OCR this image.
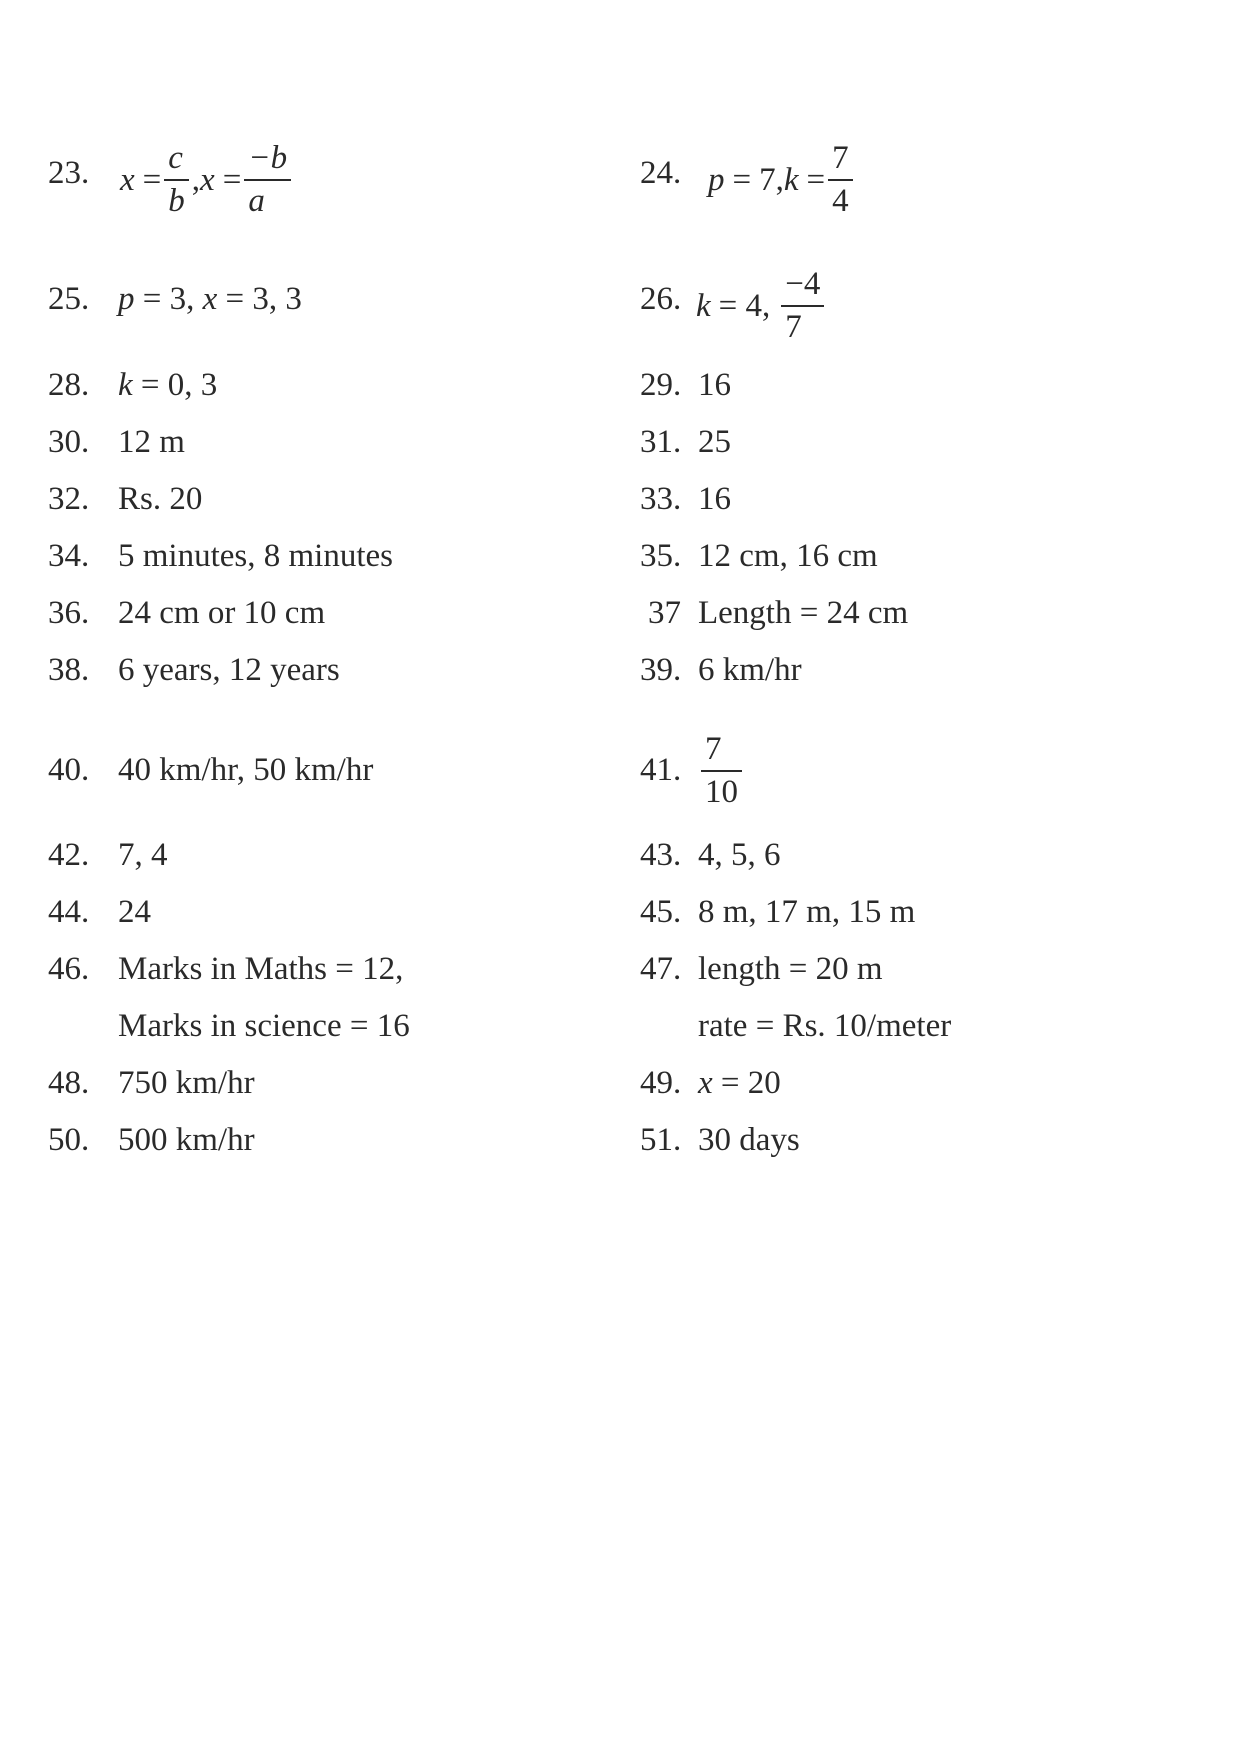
23. $x = \frac{c}{b}$ , $x = \frac{-b}{a}$	24. p = 7 , $k = \frac{7}{4}$
25. p = 3, x = 3, 3	26. k = 4, $\frac{-4}{7}$
28. k = 0, 3	29. 16
30. 12 m	31. 25
32. Rs. 20	33. 16
34. 5 minutes, 8 minutes	35. 12 cm, 16 cm
36. 24 cm or 10 cm	37 Length = 24 cm
38. 6 years, 12 years	39. 6 km/hr
40. 40 km/hr, 50 km/hr	41. $\frac{7}{10}$
42. 7, 4	43. 4, 5, 6
44. 24	45. 8 m, 17 m, 15 m
46. Marks in Maths = 12,
Marks in science = 16
47. length = 20 m
rate = Rs. 10/meter
48. 750 km/hr	49. x = 20
50. 500 km/hr	51. 30 days
